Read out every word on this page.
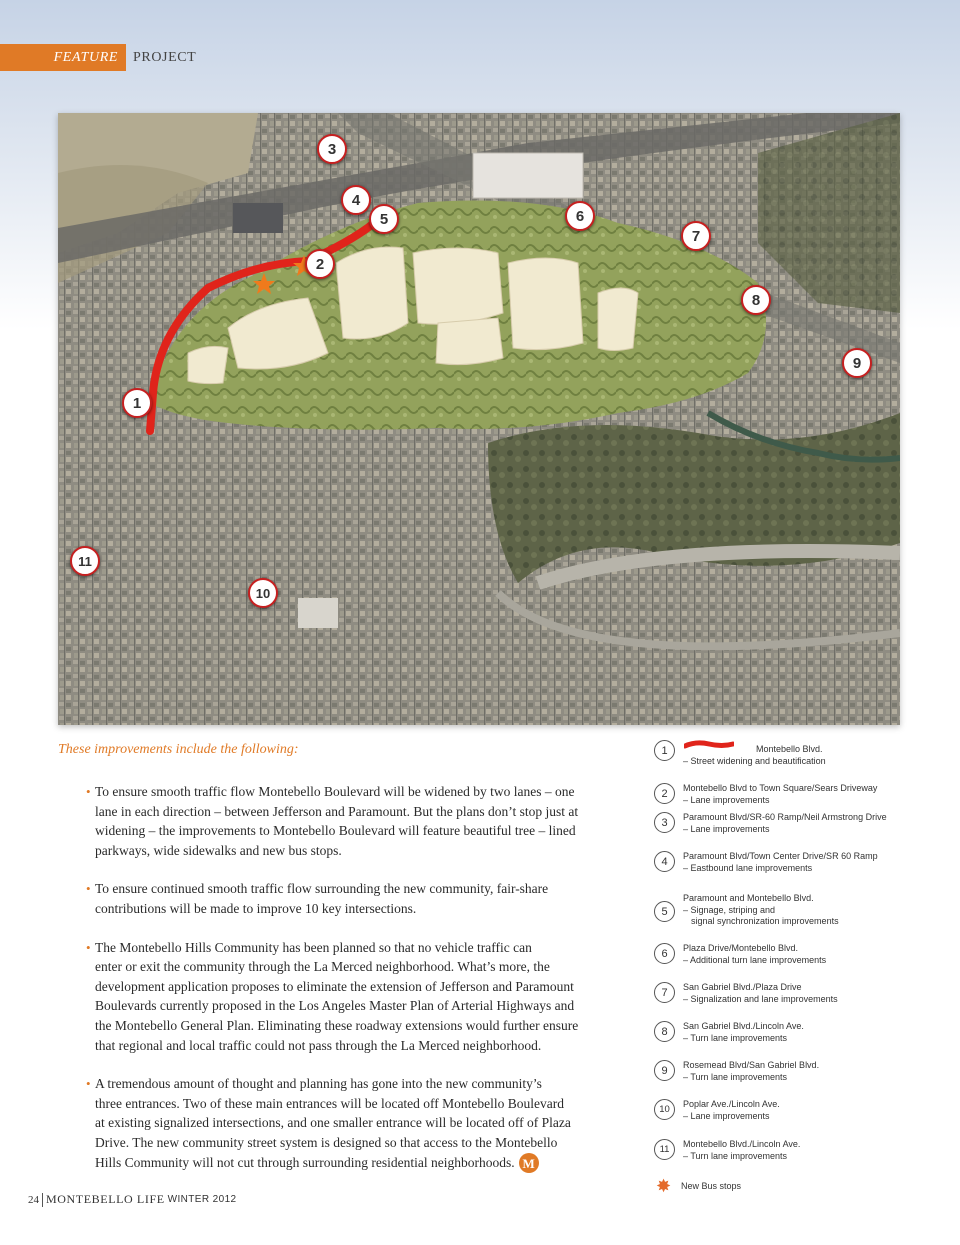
FEATURE	PROJECT
1
2
3
4
5	6
7
8
9
10
11
These improvements include the following:
• To ensure smooth traffic flow Montebello Boulevard will be widened by two lanes – one
lane in each direction – between Jefferson and Paramount. But the plans don’t stop just at
widening – the improvements to Montebello Boulevard will feature beautiful tree – lined
parkways, wide sidewalks and new bus stops.
• To ensure continued smooth traffic flow surrounding the new community, fair-share
contributions will be made to improve 10 key intersections.
• The Montebello Hills Community has been planned so that no vehicle traffic can
enter or exit the community through the La Merced neighborhood. What’s more, the
development application proposes to eliminate the extension of Jefferson and Paramount
Boulevards currently proposed in the Los Angeles Master Plan of Arterial Highways and
the Montebello General Plan. Eliminating these roadway extensions would further ensure
that regional and local traffic could not pass through the La Merced neighborhood.
• A tremendous amount of thought and planning has gone into the new community’s
three entrances. Two of these main entrances will be located off Montebello Boulevard
at existing signalized intersections, and one smaller entrance will be located off of Plaza
Drive. The new community street system is designed so that access to the Montebello
Hills Community will not cut through surrounding residential neighborhoods. M
1	Montebello Blvd.
– Street widening and beautification
2	Montebello Blvd to Town Square/Sears Driveway
– Lane improvements
3	Paramount Blvd/SR-60 Ramp/Neil Armstrong Drive
– Lane improvements
4	Paramount Blvd/Town Center Drive/SR 60 Ramp
– Eastbound lane improvements
5
Paramount and Montebello Blvd.
– Signage, striping and
signal synchronization improvements
6	Plaza Drive/Montebello Blvd.
– Additional turn lane improvements
7	San Gabriel Blvd./Plaza Drive
– Signalization and lane improvements
8	San Gabriel Blvd./Lincoln Ave.
– Turn lane improvements
9	Rosemead Blvd/San Gabriel Blvd.
– Turn lane improvements
10	Poplar Ave./Lincoln Ave.
– Lane improvements
11	Montebello Blvd./Lincoln Ave.
– Turn lane improvements
✸ New Bus stops
24 MONTEBELLO LIFE WINTER 2012
